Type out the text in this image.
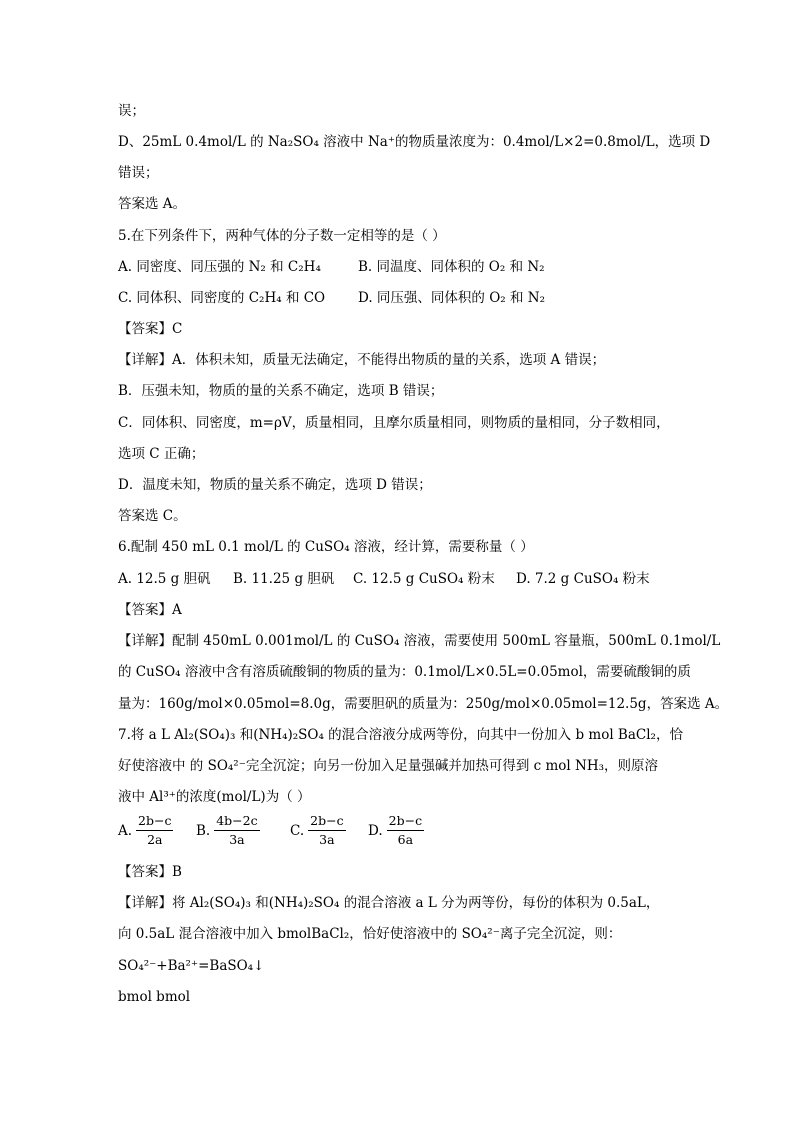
误；
D、25mL 0.4mol/L 的 Na₂SO₄ 溶液中 Na⁺的物质量浓度为：0.4mol/L×2=0.8mol/L，选项 D
错误；
答案选 A。
5.在下列条件下，两种气体的分子数一定相等的是（ ）
A. 同密度、同压强的 N₂ 和 C₂H₄	B. 同温度、同体积的 O₂ 和 N₂
C. 同体积、同密度的 C₂H₄ 和 CO D. 同压强、同体积的 O₂ 和 N₂
【答案】C
【详解】A．体积未知，质量无法确定，不能得出物质的量的关系，选项 A 错误；
B．压强未知，物质的量的关系不确定，选项 B 错误；
C．同体积、同密度，m=ρV，质量相同，且摩尔质量相同，则物质的量相同，分子数相同，
选项 C 正确；
D．温度未知，物质的量关系不确定，选项 D 错误；
答案选 C。
6.配制 450 mL 0.1 mol/L 的 CuSO₄ 溶液，经计算，需要称量（ ）
A. 12.5 g 胆矾 B. 11.25 g 胆矾 C. 12.5 g CuSO₄ 粉末 D. 7.2 g CuSO₄ 粉末
【答案】A
【详解】配制 450mL 0.001mol/L 的 CuSO₄ 溶液，需要使用 500mL 容量瓶，500mL 0.1mol/L
的 CuSO₄ 溶液中含有溶质硫酸铜的物质的量为：0.1mol/L×0.5L=0.05mol，需要硫酸铜的质
量为：160g/mol×0.05mol=8.0g，需要胆矾的质量为：250g/mol×0.05mol=12.5g，答案选 A。
7.将 a L Al₂(SO₄)₃ 和(NH₄)₂SO₄ 的混合溶液分成两等份，向其中一份加入 b mol BaCl₂，恰
好使溶液中 的 SO₄²⁻完全沉淀；向另一份加入足量强碱并加热可得到 c mol NH₃，则原溶
液中 Al³⁺的浓度(mol/L)为（ ）
A. $\frac{2b-c}{2a} B$. $\frac{4b-2c}{3a} C$. $\frac{2b-c}{3a} D$. $\frac{2b-c}{6a}$
【答案】B
【详解】将 Al₂(SO₄)₃ 和(NH₄)₂SO₄ 的混合溶液 a L 分为两等份，每份的体积为 0.5aL，
向 0.5aL 混合溶液中加入 bmolBaCl₂，恰好使溶液中的 SO₄²⁻离子完全沉淀，则：
SO₄²⁻+Ba²⁺=BaSO₄↓
bmol bmol
